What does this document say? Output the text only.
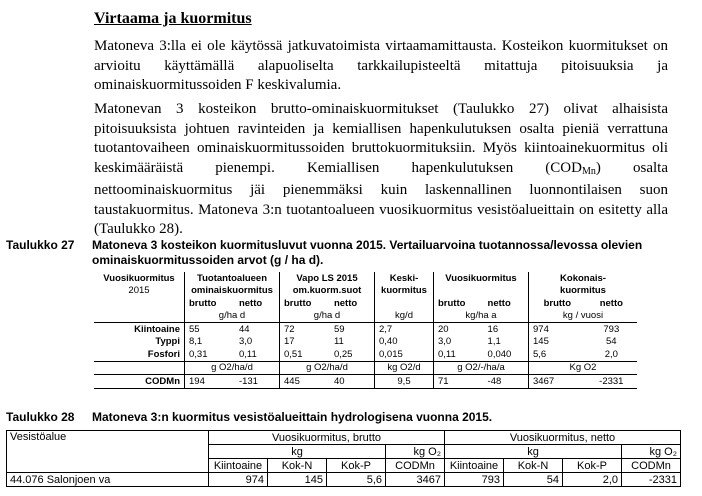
Virtaama ja kuormitus

Matoneva 3:lla ei ole käytössä jatkuvatoimista virtaamamittausta. Kosteikon kuormitukset on arvioitu käyttämällä alapuoliselta tarkkailupisteeltä mitattuja pitoisuuksia ja ominaiskuormitussoiden F keskivalumia.

Matonevan 3 kosteikon brutto-ominaiskuormitukset (Taulukko 27) olivat alhaisista pitoisuuksista johtuen ravinteiden ja kemiallisen hapenkulutuksen osalta pieniä verrattuna tuotantovaiheen ominaiskuormitussoiden bruttokuormituksiin. Myös kiintoainekuormitus oli keskimääräistä pienempi. Kemiallisen hapenkulutuksen $(COD_{Mn})$ osalta nettoominaiskuormitus jäi pienemmäksi kuin laskennallinen luonnontilaisen suon taustakuormitus. Matoneva 3:n tuotantoalueen vuosikuormitus vesistöalueittain on esitetty alla (Taulukko 28).

Taulukko 27 Matoneva 3 kosteikon kuormitusluvut vuonna 2015. Vertailuarvoina tuotannossa/levossa olevien ominaiskuormitussoiden arvot (g / ha d).
Vuosikuormitus	Tuotantoalueen		Vapo LS 2015		Keski-	Vuosikuormitus		Kokonais-	
2015	ominaiskuormitus		om.kuorm.suot		kuormitus			kuormitus	
	brutto	netto	brutto	netto		brutto	netto	brutto	netto
	g/ha d		g/ha d		kg/d	kg/ha a		kg / vuosi	
Kiintoaine	55	44	72	59	2,7	20	16	974	793
Typpi	8,1	3,0	17	11	0,40	3,0	1,1	145	54
Fosfori	0,31	0,11	0,51	0,25	0,015	0,11	0,040	5,6	2,0
	g O2/ha/d		g O2/ha/d		kg O2/d	g O2/-/ha/a		Kg O2	
CODMn	194	-131	445	40	9,5	71	-48	3467	-2331
Taulukko 28 Matoneva 3:n kuormitus vesistöalueittain hydrologisena vuonna 2015.
Vesistöalue	Vuosikuormitus, brutto				Vuosikuormitus, netto			
	kg			kg O₂	kg			kg O₂
	Kiintoaine	Kok-N	Kok-P	CODMn	Kiintoaine	Kok-N	Kok-P	CODMn
44.076 Salonjoen va	974	145	5,6	3467	793	54	2,0	-2331
